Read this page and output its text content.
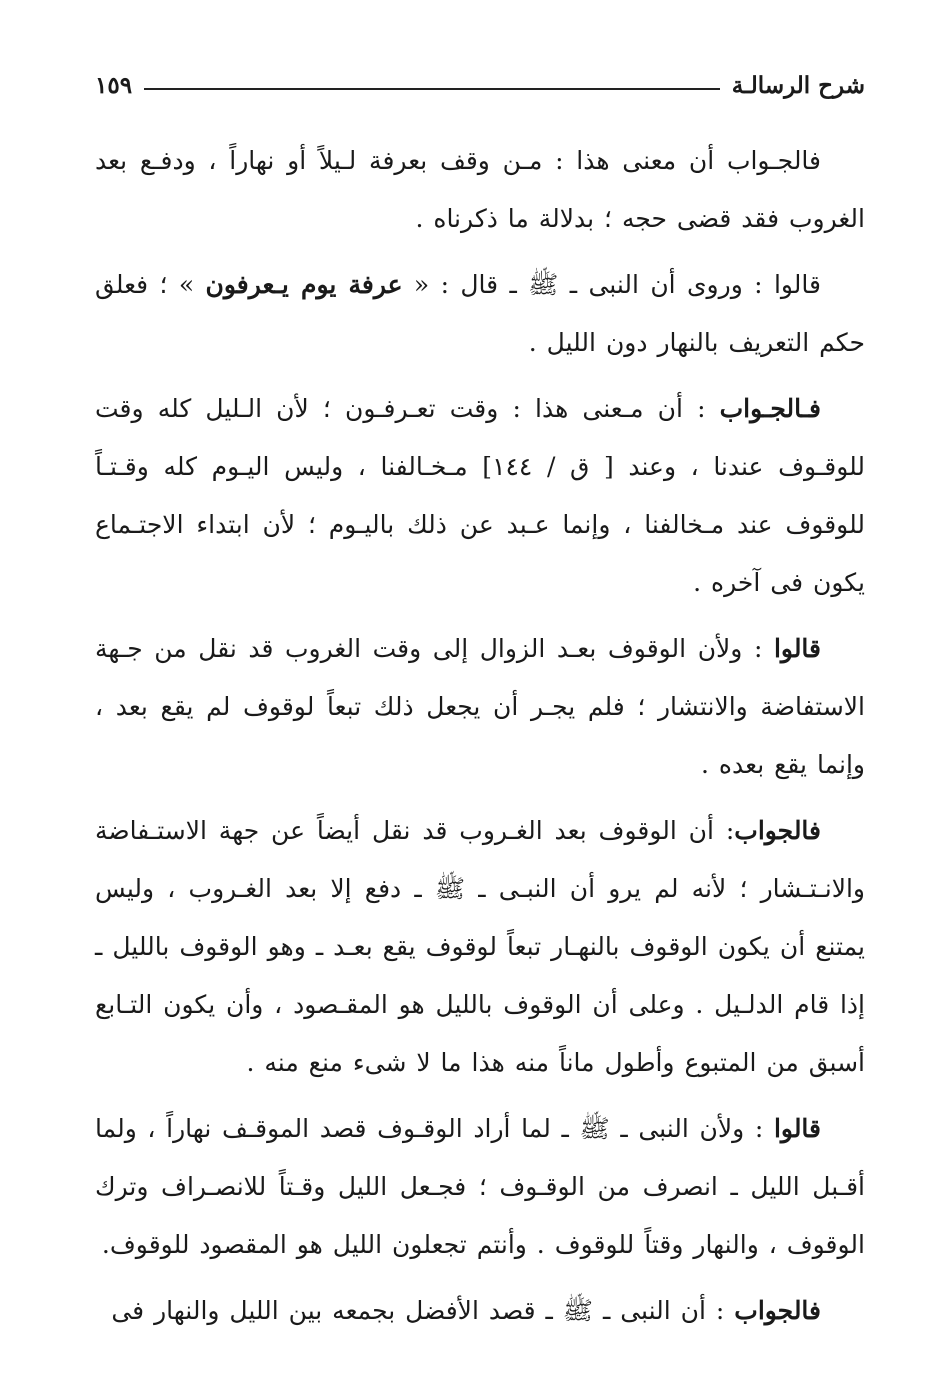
شرح الرسالـة
١٥٩

فالجـواب أن معنى هذا : مـن وقف بعرفة لـيلاً أو نهاراً ، ودفـع بعد الغروب فقد قضى حجه ؛ بدلالة ما ذكرناه .

قالوا : وروى أن النبى ـ ﷺ ـ قال : « عرفة يوم يـعرفون » ؛ فعلق حكم التعريف بالنهار دون الليل .

فـالجـواب : أن مـعنى هذا : وقت تعـرفـون ؛ لأن الـليل كله وقت للوقـوف عندنا ، وعند [ ق / ١٤٤] مـخـالفنا ، وليس اليـوم كله وقـتـاً للوقوف عند مـخالفنا ، وإنما عـبد عن ذلك باليـوم ؛ لأن ابتداء الاجتـماع يكون فى آخره .

قالوا : ولأن الوقوف بعـد الزوال إلى وقت الغروب قد نقل من جـهة الاستفاضة والانتشار ؛ فلم يجـر أن يجعل ذلك تبعاً لوقوف لم يقع بعد ، وإنما يقع بعده .

فالجواب: أن الوقوف بعد الغـروب قد نقل أيضاً عن جهة الاستـفاضة والانـتـشار ؛ لأنه لم يرو أن النبـى ـ ﷺ ـ دفع إلا بعد الغـروب ، وليس يمتنع أن يكون الوقوف بالنهـار تبعاً لوقوف يقع بعـد ـ وهو الوقوف بالليل ـ إذا قام الدلـيل . وعلى أن الوقوف بالليل هو المقـصود ، وأن يكون التـابع أسبق من المتبوع وأطول ماناً منه هذا ما لا شىء منع منه .

قالوا : ولأن النبى ـ ﷺ ـ لما أراد الوقـوف قصد الموقـف نهاراً ، ولما أقـبل الليل ـ انصرف من الوقـوف ؛ فجـعل الليل وقـتاً للانصـراف وترك الوقوف ، والنهار وقتاً للوقوف . وأنتم تجعلون الليل هو المقصود للوقوف.

فالجواب : أن النبى ـ ﷺ ـ قصد الأفضل بجمعه بين الليل والنهار فى
